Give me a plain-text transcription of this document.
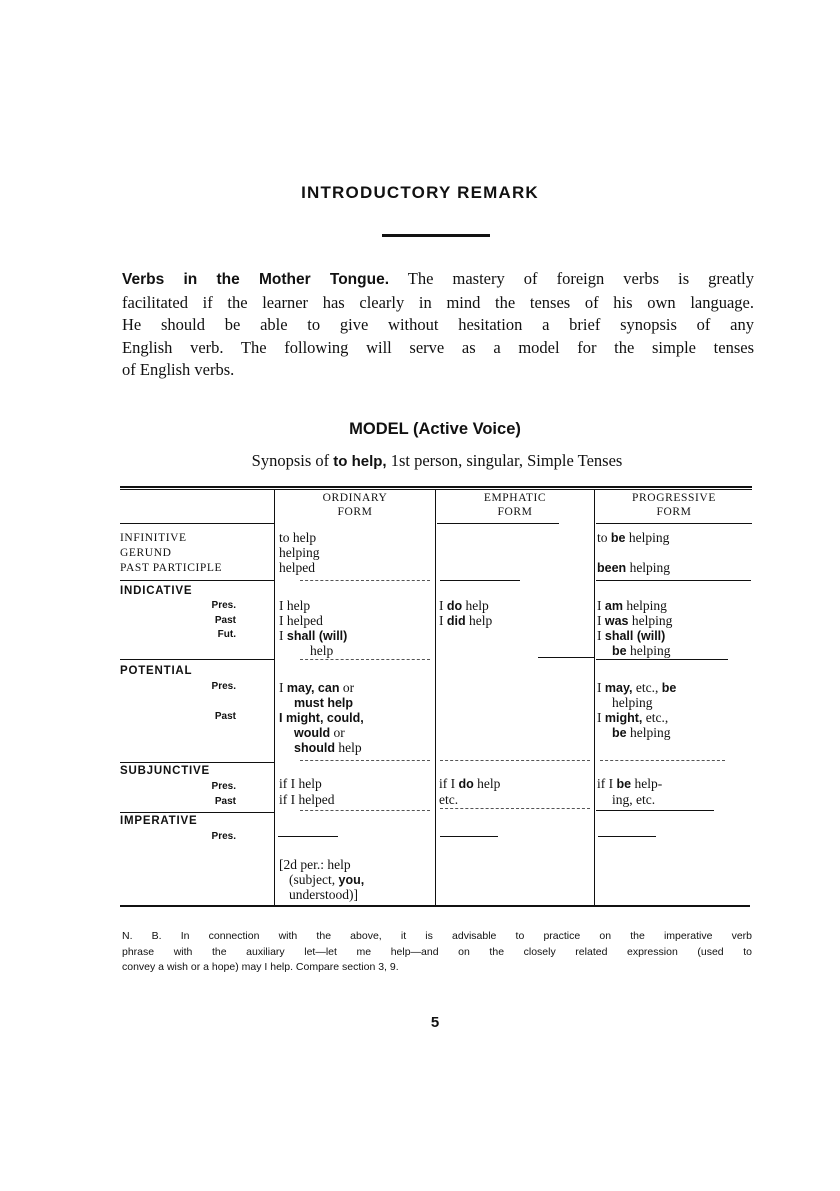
INTRODUCTORY REMARK
Verbs in the Mother Tongue. The mastery of foreign verbs is greatly
facilitated if the learner has clearly in mind the tenses of his own language.
He should be able to give without hesitation a brief synopsis of any
English verb. The following will serve as a model for the simple tenses
of English verbs.
MODEL (Active Voice)
Synopsis of to help, 1st person, singular, Simple Tenses
ORDINARY
FORM
EMPHATIC
FORM
PROGRESSIVE
FORM
INFINITIVE
GERUND
PAST PARTICIPLE
to help
helping
helped
to be helping
been helping
INDICATIVE
Pres.
Past
Fut.
I help
I helped
I shall (will)
help
I do help
I did help
I am helping
I was helping
I shall (will)
be helping
POTENTIAL
Pres.
Past
I may, can or
must help
I might, could,
would or
should help
I may, etc., be
helping
I might, etc.,
be helping
SUBJUNCTIVE
Pres.
Past
if I help
if I helped
if I do help
etc.
if I be help-
ing, etc.
IMPERATIVE
Pres.
[2d per.: help
(subject, you,
understood)]
N. B. In connection with the above, it is advisable to practice on the imperative verb
phrase with the auxiliary let—let me help—and on the closely related expression (used to
convey a wish or a hope) may I help. Compare section 3, 9.
5
